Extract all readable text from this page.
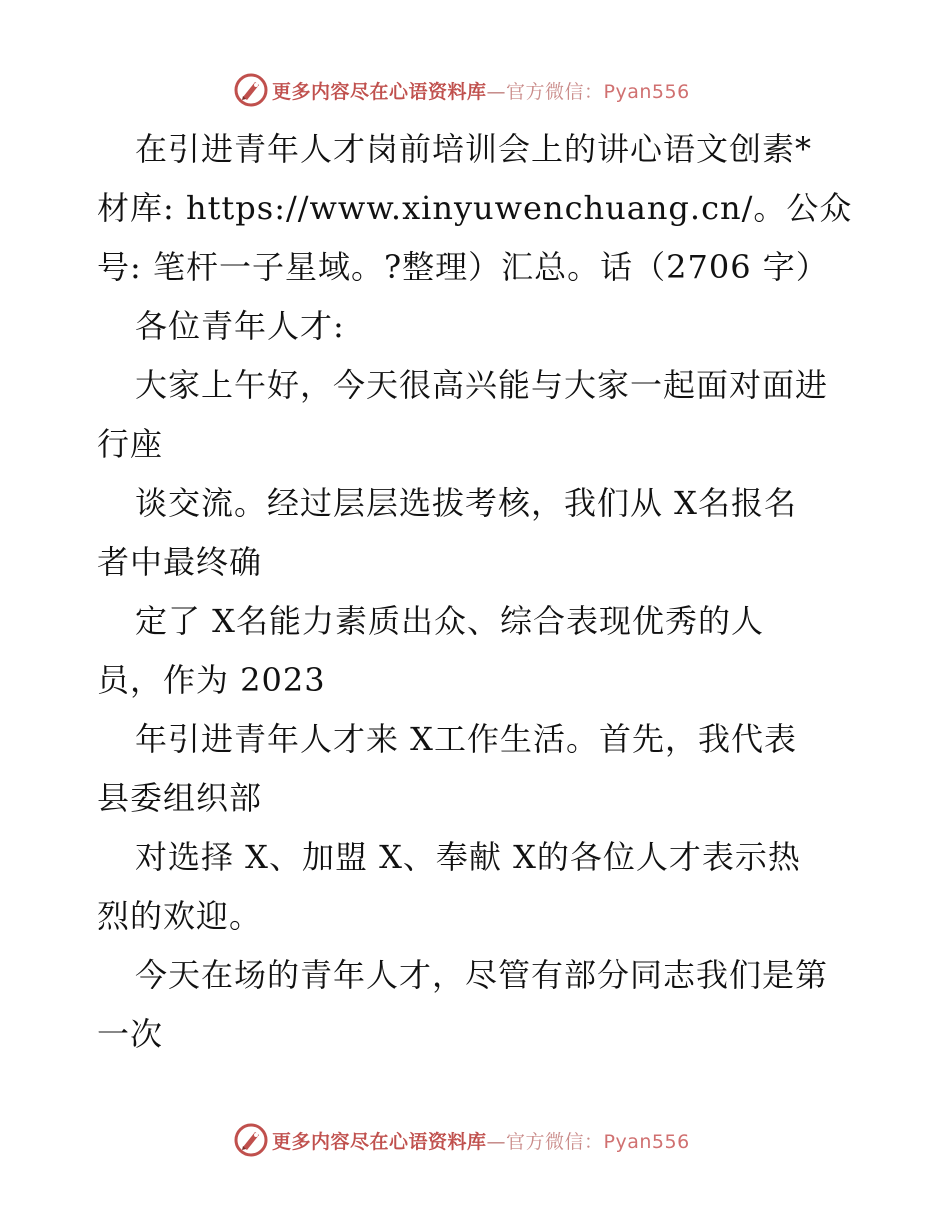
更多内容尽在心语资料库—官方微信：Pyan556
在引进青年人才岗前培训会上的讲心语文创素*
材库: https://www.xinyuwenchuang.cn/。公众
号: 笔杆一子星域。?整理）汇总。话（2706 字）
各位青年人才:
大家上午好，今天很高兴能与大家一起面对面进
行座
谈交流。经过层层选拔考核，我们从 X名报名
者中最终确
定了 X名能力素质出众、综合表现优秀的人
员，作为 2023
年引进青年人才来 X工作生活。首先，我代表
县委组织部
对选择 X、加盟 X、奉献 X的各位人才表示热
烈的欢迎。
今天在场的青年人才，尽管有部分同志我们是第
一次
更多内容尽在心语资料库—官方微信：Pyan556
